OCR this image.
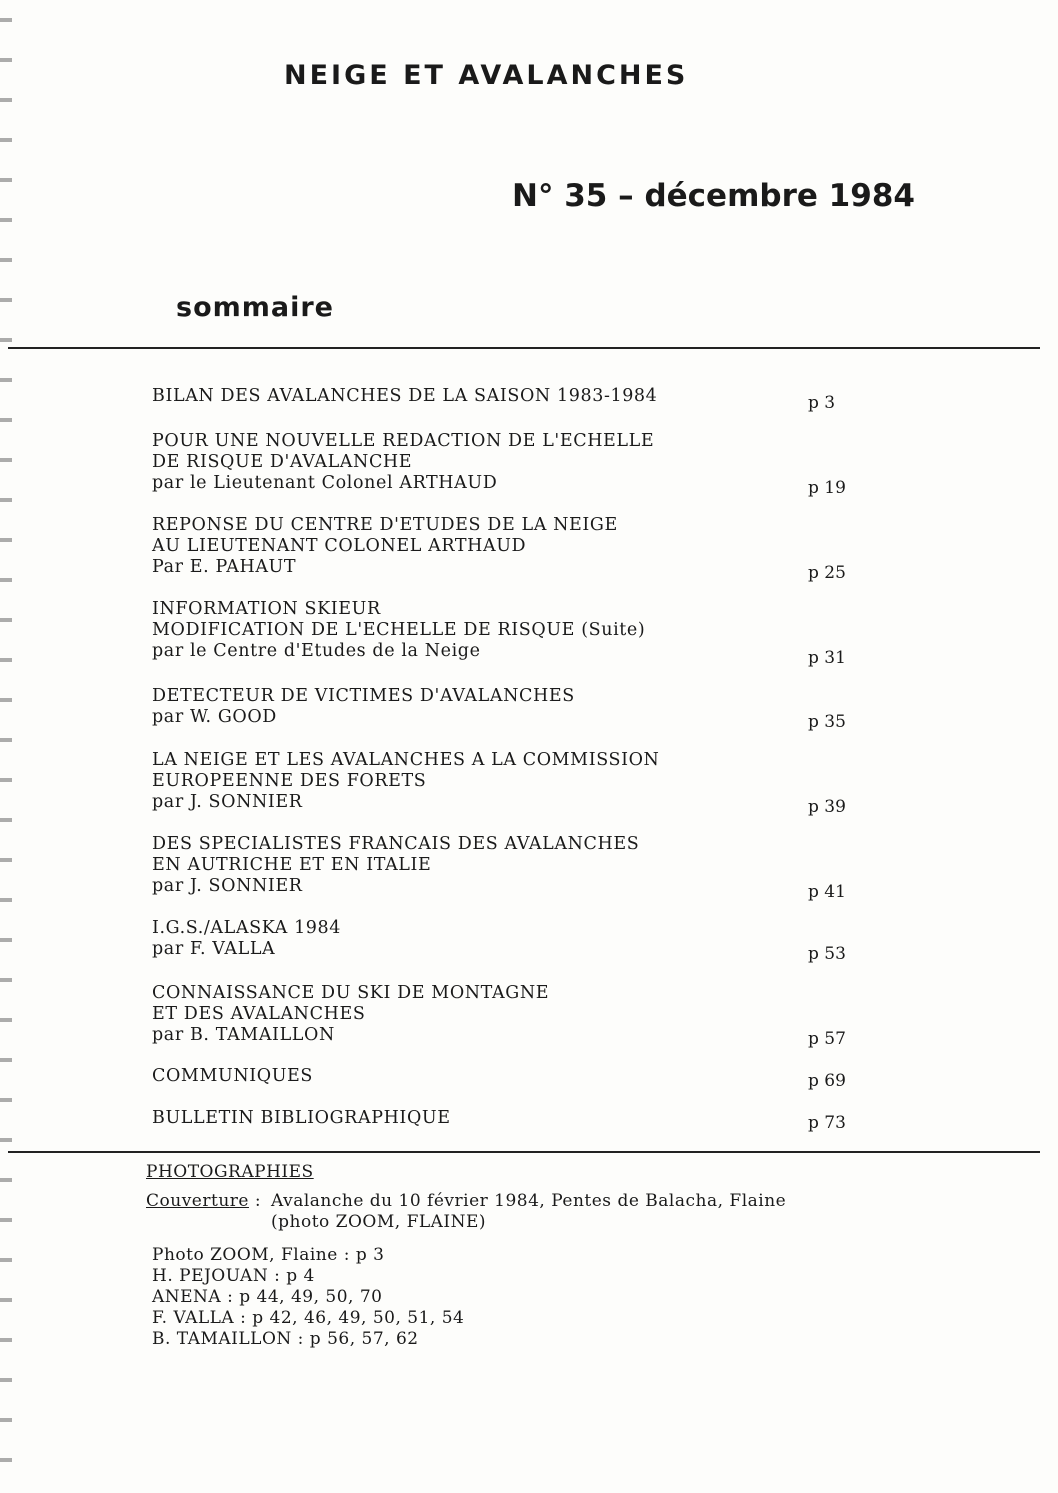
NEIGE ET AVALANCHES
N° 35 – décembre 1984
sommaire
BILAN DES AVALANCHES DE LA SAISON 1983-1984	p 3
POUR UNE NOUVELLE REDACTION DE L'ECHELLE
DE RISQUE D'AVALANCHE
par le Lieutenant Colonel ARTHAUD	p 19
REPONSE DU CENTRE D'ETUDES DE LA NEIGE
AU LIEUTENANT COLONEL ARTHAUD
Par E. PAHAUT	p 25
INFORMATION SKIEUR
MODIFICATION DE L'ECHELLE DE RISQUE (Suite)
par le Centre d'Etudes de la Neige	p 31
DETECTEUR DE VICTIMES D'AVALANCHES
par W. GOOD	p 35
LA NEIGE ET LES AVALANCHES A LA COMMISSION
EUROPEENNE DES FORETS
par J. SONNIER	p 39
DES SPECIALISTES FRANCAIS DES AVALANCHES
EN AUTRICHE ET EN ITALIE
par J. SONNIER	p 41
I.G.S./ALASKA 1984
par F. VALLA	p 53
CONNAISSANCE DU SKI DE MONTAGNE
ET DES AVALANCHES
par B. TAMAILLON	p 57
COMMUNIQUES	p 69
BULLETIN BIBLIOGRAPHIQUE	p 73
PHOTOGRAPHIES
Couverture : Avalanche du 10 février 1984, Pentes de Balacha, Flaine
(photo ZOOM, FLAINE)
Photo ZOOM, Flaine : p 3
H. PEJOUAN : p 4
ANENA : p 44, 49, 50, 70
F. VALLA : p 42, 46, 49, 50, 51, 54
B. TAMAILLON : p 56, 57, 62
